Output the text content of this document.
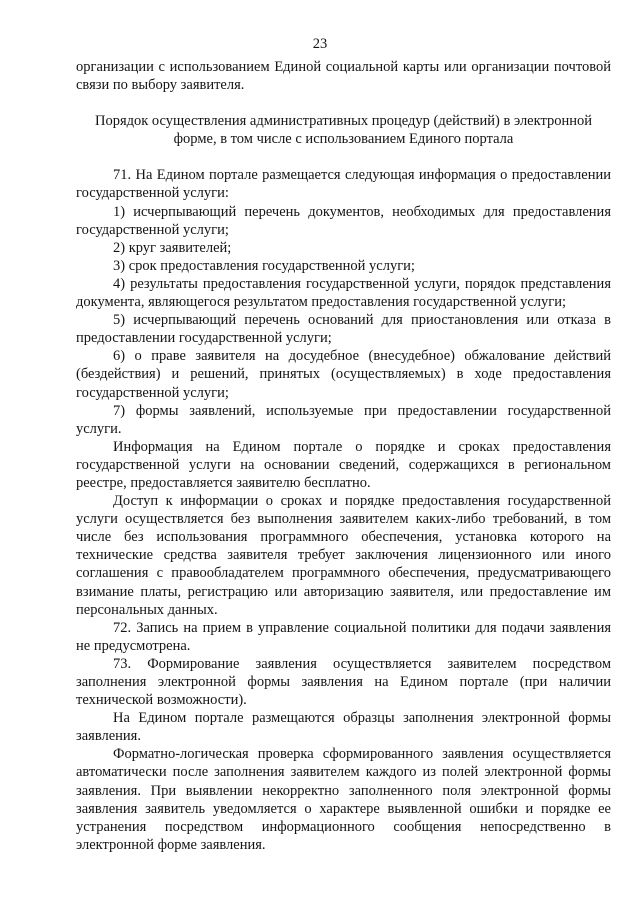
23

организации с использованием Единой социальной карты или организации почтовой связи по выбору заявителя.

Порядок осуществления административных процедур (действий) в электронной форме, в том числе с использованием Единого портала

71. На Едином портале размещается следующая информация о предоставлении государственной услуги:

1) исчерпывающий перечень документов, необходимых для предоставления государственной услуги;

2) круг заявителей;

3) срок предоставления государственной услуги;

4) результаты предоставления государственной услуги, порядок представления документа, являющегося результатом предоставления государственной услуги;

5) исчерпывающий перечень оснований для приостановления или отказа в предоставлении государственной услуги;

6) о праве заявителя на досудебное (внесудебное) обжалование действий (бездействия) и решений, принятых (осуществляемых) в ходе предоставления государственной услуги;

7) формы заявлений, используемые при предоставлении государственной услуги.

Информация на Едином портале о порядке и сроках предоставления государственной услуги на основании сведений, содержащихся в региональном реестре, предоставляется заявителю бесплатно.

Доступ к информации о сроках и порядке предоставления государственной услуги осуществляется без выполнения заявителем каких-либо требований, в том числе без использования программного обеспечения, установка которого на технические средства заявителя требует заключения лицензионного или иного соглашения с правообладателем программного обеспечения, предусматривающего взимание платы, регистрацию или авторизацию заявителя, или предоставление им персональных данных.

72. Запись на прием в управление социальной политики для подачи заявления не предусмотрена.

73. Формирование заявления осуществляется заявителем посредством заполнения электронной формы заявления на Едином портале (при наличии технической возможности).

На Едином портале размещаются образцы заполнения электронной формы заявления.

Форматно-логическая проверка сформированного заявления осуществляется автоматически после заполнения заявителем каждого из полей электронной формы заявления. При выявлении некорректно заполненного поля электронной формы заявления заявитель уведомляется о характере выявленной ошибки и порядке ее устранения посредством информационного сообщения непосредственно в электронной форме заявления.
